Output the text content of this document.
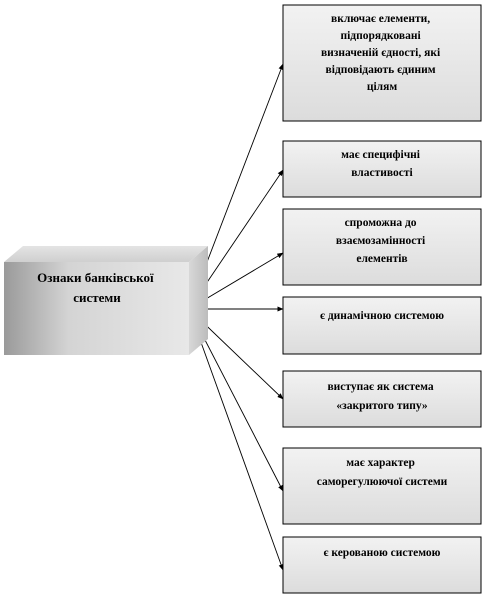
Ознаки банківської системи
включає елементи, підпорядковані визначеній єдності, які відповідають єдиним цілям
має специфічні властивості
спроможна до взаємозамінності елементів
є динамічною системою
виступає як система «закритого типу»
має характер саморегулюючої системи
є керованою системою
